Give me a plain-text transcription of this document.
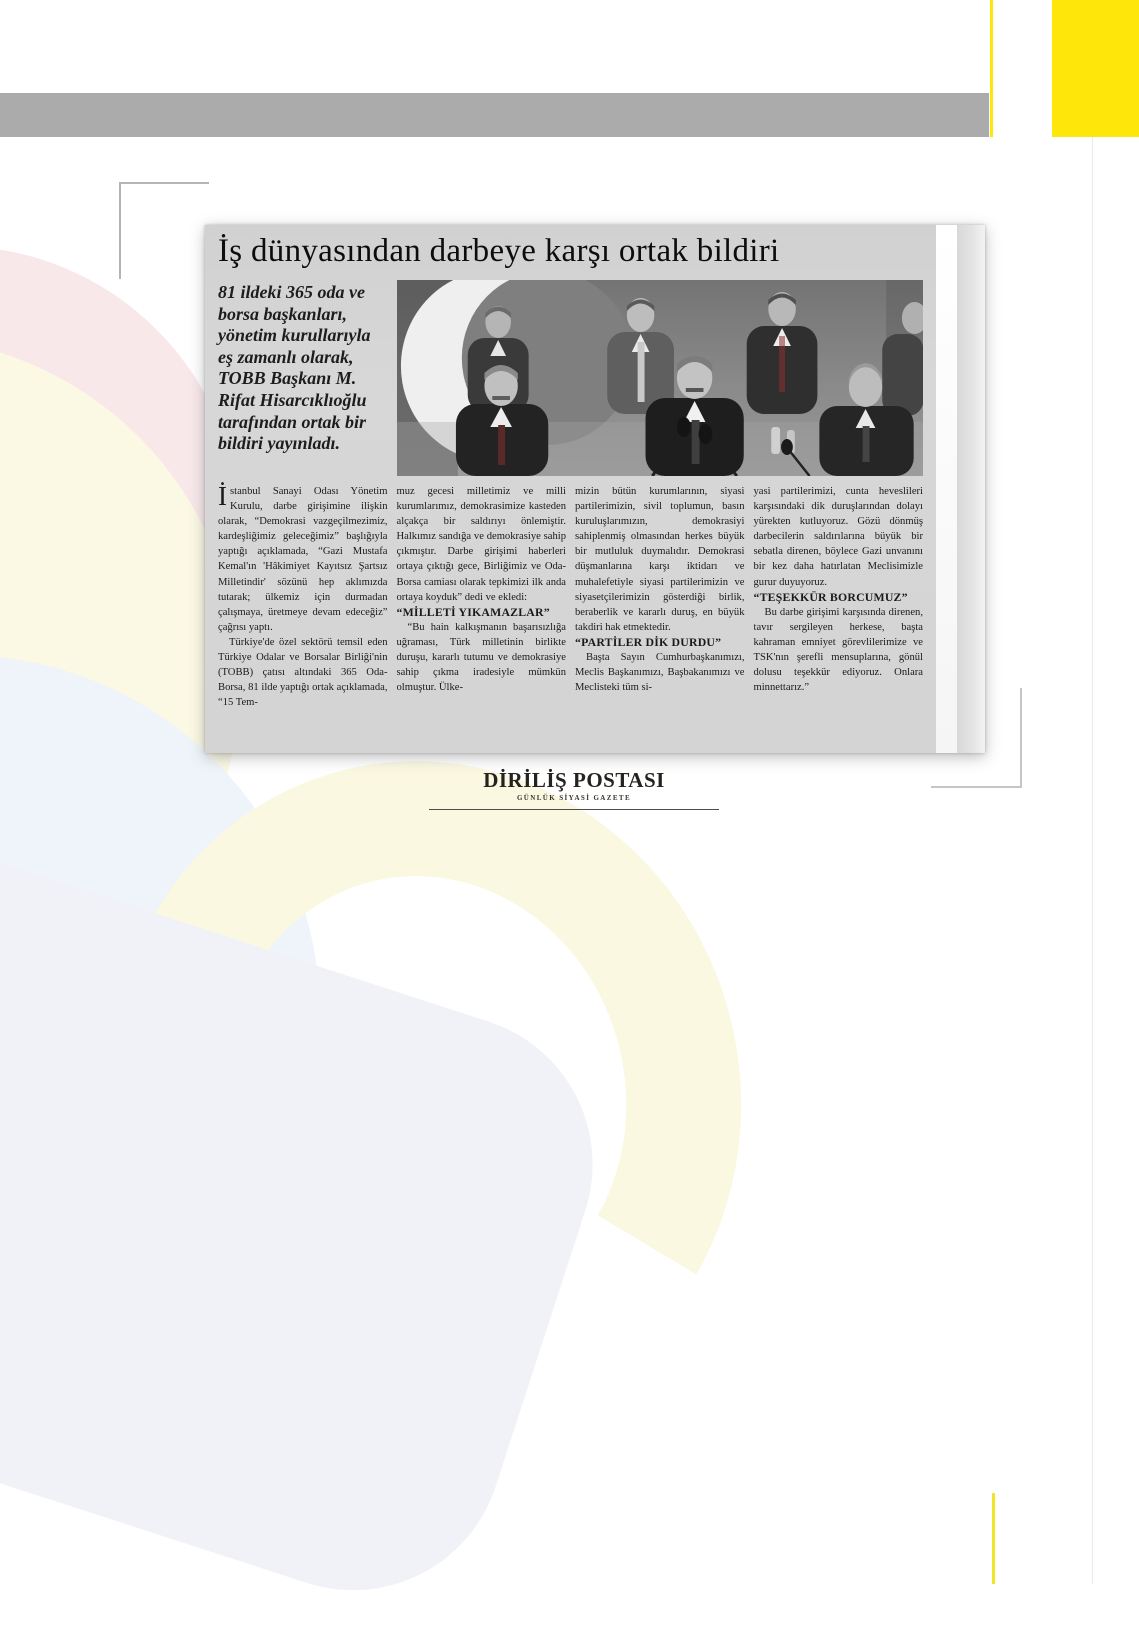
İş dünyasından darbeye karşı ortak bildiri
81 ildeki 365 oda ve borsa başkanları, yönetim kurullarıyla eş zamanlı olarak, TOBB Başkanı M. Rifat Hisarcıklıoğlu tarafından ortak bir bildiri yayınladı.

İstanbul Sanayi Odası Yönetim Kurulu, darbe girişimine ilişkin olarak, “Demokrasi vazgeçilmezimiz, kardeşliğimiz geleceğimiz” başlığıyla yaptığı açıklamada, “Gazi Mustafa Kemal'ın 'Hâkimiyet Kayıtsız Şartsız Milletindir' sözünü hep aklımızda tutarak; ülkemiz için durmadan çalışmaya, üretmeye devam edeceğiz” çağrısı yaptı.

Türkiye'de özel sektörü temsil eden Türkiye Odalar ve Borsalar Birliği'nin (TOBB) çatısı altındaki 365 Oda-Borsa, 81 ilde yaptığı ortak açıklamada, “15 Tem-

muz gecesi milletimiz ve milli kurumlarımız, demokrasimize kasteden alçakça bir saldırıyı önlemiştir. Halkımız sandığa ve demokrasiye sahip çıkmıştır. Darbe girişimi haberleri ortaya çıktığı gece, Birliğimiz ve Oda-Borsa camiası olarak tepkimizi ilk anda ortaya koyduk” dedi ve ekledi:

“MİLLETİ YIKAMAZLAR”

“Bu hain kalkışmanın başarısızlığa uğraması, Türk milletinin birlikte duruşu, kararlı tutumu ve demokrasiye sahip çıkma iradesiyle mümkün olmuştur. Ülke-

mizin bütün kurumlarının, siyasi partilerimizin, sivil toplumun, basın kuruluşlarımızın, demokrasiyi sahiplenmiş olmasından herkes büyük bir mutluluk duymalıdır. Demokrasi düşmanlarına karşı iktidarı ve muhalefetiyle siyasi partilerimizin ve siyasetçilerimizin gösterdiği birlik, beraberlik ve kararlı duruş, en büyük takdiri hak etmektedir.

“PARTİLER DİK DURDU”

Başta Sayın Cumhurbaşkanımızı, Meclis Başkanımızı, Başbakanımızı ve Meclisteki tüm si-

yasi partilerimizi, cunta heveslileri karşısındaki dik duruşlarından dolayı yürekten kutluyoruz. Gözü dönmüş darbecilerin saldırılarına büyük bir sebatla direnen, böylece Gazi unvanını bir kez daha hatırlatan Meclisimizle gurur duyuyoruz.

“TEŞEKKÜR BORCUMUZ”

Bu darbe girişimi karşısında direnen, tavır sergileyen herkese, başta kahraman emniyet görevlilerimize ve TSK'nın şerefli mensuplarına, gönül dolusu teşekkür ediyoruz. Onlara minnettarız.”

DİRİLİŞ POSTASI
GÜNLÜK SİYASİ GAZETE
